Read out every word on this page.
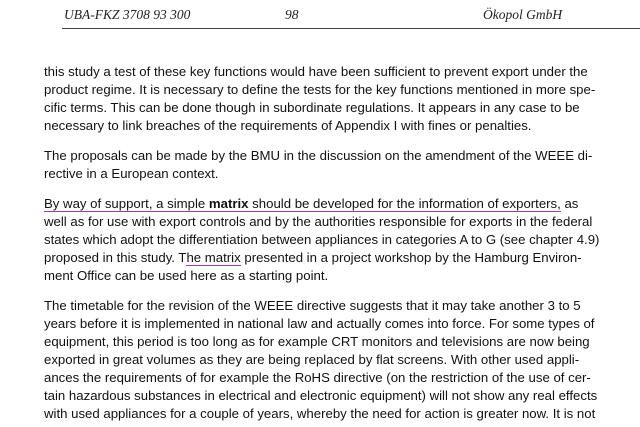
UBA-FKZ 3708 93 300	98	Ökopol GmbH
this study a test of these key functions would have been sufficient to prevent export under the
product regime. It is necessary to define the tests for the key functions mentioned in more spe-
cific terms. This can be done though in subordinate regulations. It appears in any case to be
necessary to link breaches of the requirements of Appendix I with fines or penalties.
The proposals can be made by the BMU in the discussion on the amendment of the WEEE di-
rective in a European context.
By way of support, a simple matrix should be developed for the information of exporters, as
well as for use with export controls and by the authorities responsible for exports in the federal
states which adopt the differentiation between appliances in categories A to G (see chapter 4.9)
proposed in this study. The matrix presented in a project workshop by the Hamburg Environ-
ment Office can be used here as a starting point.
The timetable for the revision of the WEEE directive suggests that it may take another 3 to 5
years before it is implemented in national law and actually comes into force. For some types of
equipment, this period is too long as for example CRT monitors and televisions are now being
exported in great volumes as they are being replaced by flat screens. With other used appli-
ances the requirements of for example the RoHS directive (on the restriction of the use of cer-
tain hazardous substances in electrical and electronic equipment) will not show any real effects
with used appliances for a couple of years, whereby the need for action is greater now. It is not
